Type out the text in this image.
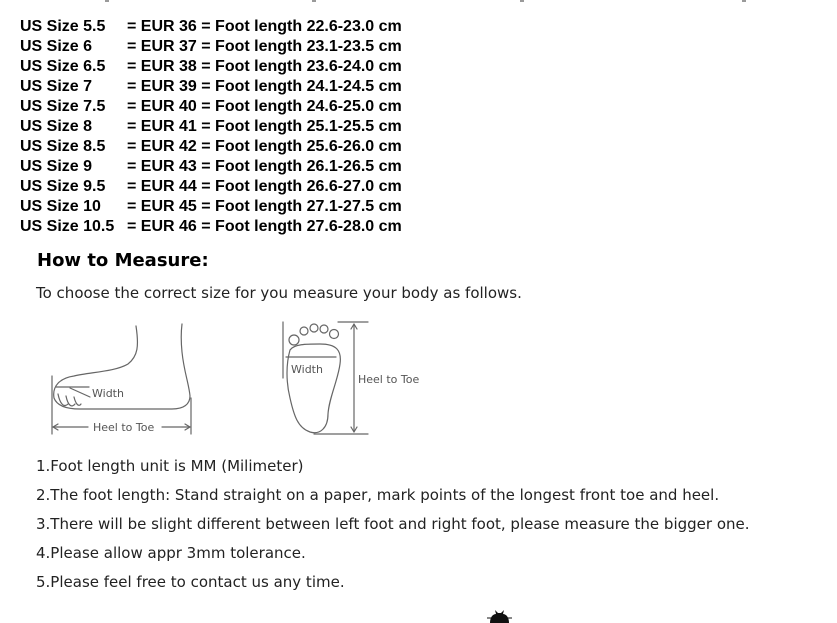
US Size 5.5 = EUR 36 = Foot length 22.6-23.0 cm
US Size 6 = EUR 37 = Foot length 23.1-23.5 cm
US Size 6.5 = EUR 38 = Foot length 23.6-24.0 cm
US Size 7 = EUR 39 = Foot length 24.1-24.5 cm
US Size 7.5 = EUR 40 = Foot length 24.6-25.0 cm
US Size 8 = EUR 41 = Foot length 25.1-25.5 cm
US Size 8.5 = EUR 42 = Foot length 25.6-26.0 cm
US Size 9 = EUR 43 = Foot length 26.1-26.5 cm
US Size 9.5 = EUR 44 = Foot length 26.6-27.0 cm
US Size 10 = EUR 45 = Foot length 27.1-27.5 cm
US Size 10.5 = EUR 46 = Foot length 27.6-28.0 cm
How to Measure:
To choose the correct size for you measure your body as follows.
Width
Heel to Toe
Width
Heel to Toe
1.Foot length unit is MM (Milimeter)
2.The foot length: Stand straight on a paper, mark points of the longest front toe and heel.
3.There will be slight different between left foot and right foot, please measure the bigger one.
4.Please allow appr 3mm tolerance.
5.Please feel free to contact us any time.
